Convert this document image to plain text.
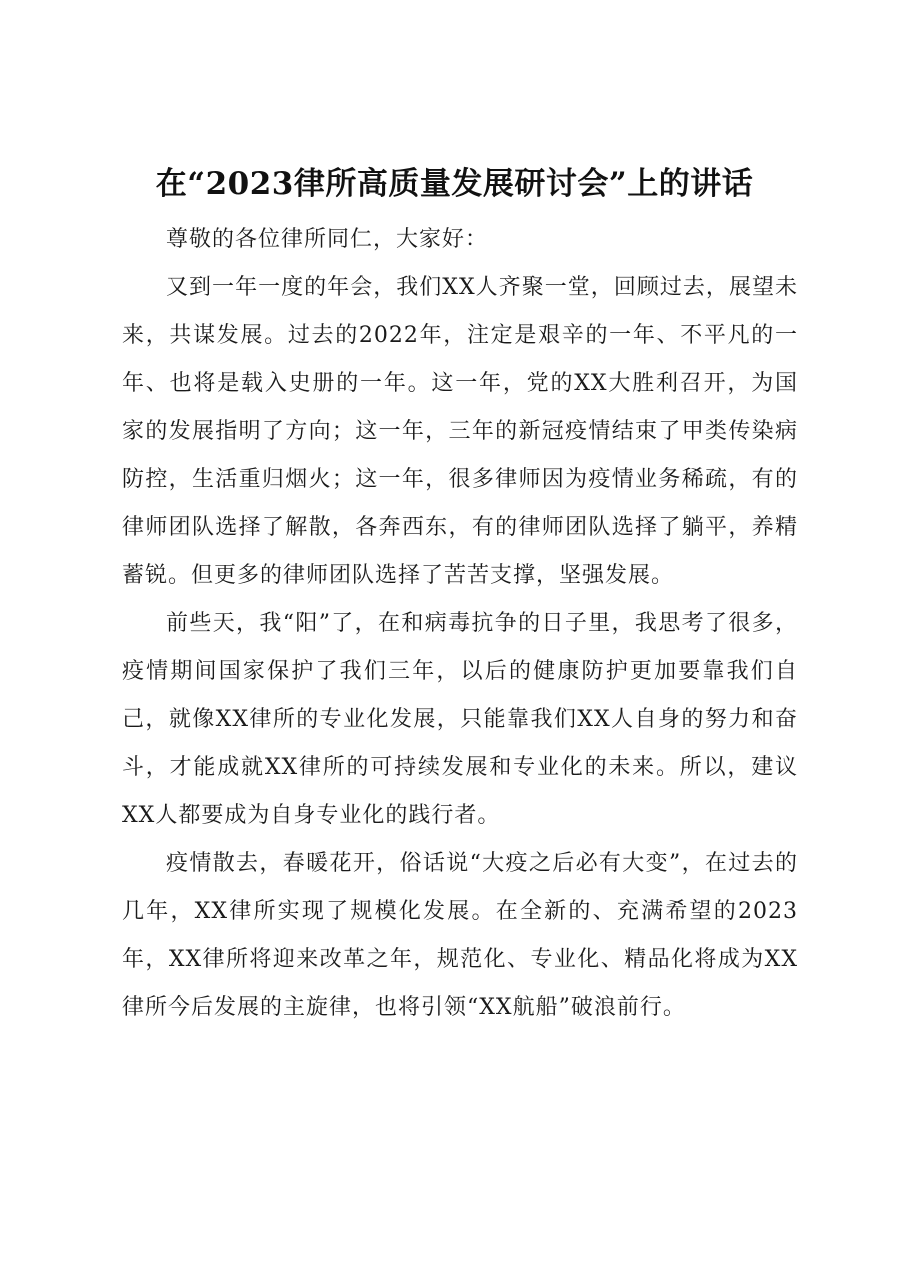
在“2023律所高质量发展研讨会”上的讲话

尊敬的各位律所同仁，大家好：

又到一年一度的年会，我们XX人齐聚一堂，回顾过去，展望未来，共谋发展。过去的2022年，注定是艰辛的一年、不平凡的一年、也将是载入史册的一年。这一年，党的XX大胜利召开，为国家的发展指明了方向；这一年，三年的新冠疫情结束了甲类传染病防控，生活重归烟火；这一年，很多律师因为疫情业务稀疏，有的律师团队选择了解散，各奔西东，有的律师团队选择了躺平，养精蓄锐。但更多的律师团队选择了苦苦支撑，坚强发展。

前些天，我“阳”了，在和病毒抗争的日子里，我思考了很多，疫情期间国家保护了我们三年，以后的健康防护更加要靠我们自己，就像XX律所的专业化发展，只能靠我们XX人自身的努力和奋斗，才能成就XX律所的可持续发展和专业化的未来。所以，建议XX人都要成为自身专业化的践行者。

疫情散去，春暖花开，俗话说“大疫之后必有大变”，在过去的几年，XX律所实现了规模化发展。在全新的、充满希望的2023年，XX律所将迎来改革之年，规范化、专业化、精品化将成为XX律所今后发展的主旋律，也将引领“XX航船”破浪前行。
